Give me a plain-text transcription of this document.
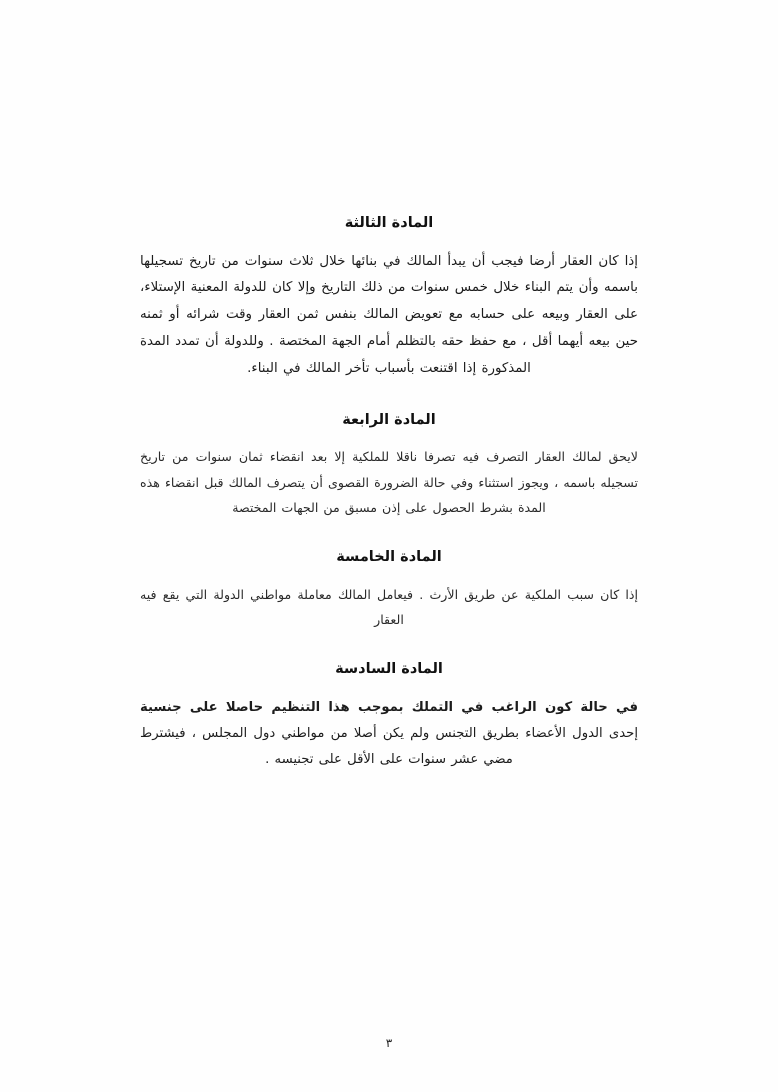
المادة الثالثة

إذا كان العقار أرضا فيجب أن يبدأ المالك في بنائها خلال ثلاث سنوات من تاريخ تسجيلها باسمه وأن يتم البناء خلال خمس سنوات من ذلك التاريخ وإلا كان للدولة المعنية الإستلاء، على العقار وبيعه على حسابه مع تعويض المالك بنفس ثمن العقار وقت شرائه أو ثمنه حين بيعه أيهما أقل ، مع حفظ حقه بالتظلم أمام الجهة المختصة . وللدولة أن تمدد المدة المذكورة إذا اقتنعت بأسباب تأخر المالك في البناء.

المادة الرابعة

لايحق لمالك العقار التصرف فيه تصرفا ناقلا للملكية إلا بعد انقضاء ثمان سنوات من تاريخ تسجيله باسمه ، ويجوز استثناء وفي حالة الضرورة القصوى أن يتصرف المالك قبل انقضاء هذه المدة بشرط الحصول على إذن مسبق من الجهات المختصة

المادة الخامسة

إذا كان سبب الملكية عن طريق الأرث . فيعامل المالك معاملة مواطني الدولة التي يقع فيه العقار

المادة السادسة

في حالة كون الراغب في التملك بموجب هذا التنظيم حاصلا على جنسية إحدى الدول الأعضاء بطريق التجنس ولم يكن أصلا من مواطني دول المجلس ، فيشترط مضي عشر سنوات على الأقل على تجنيسه .

٣
